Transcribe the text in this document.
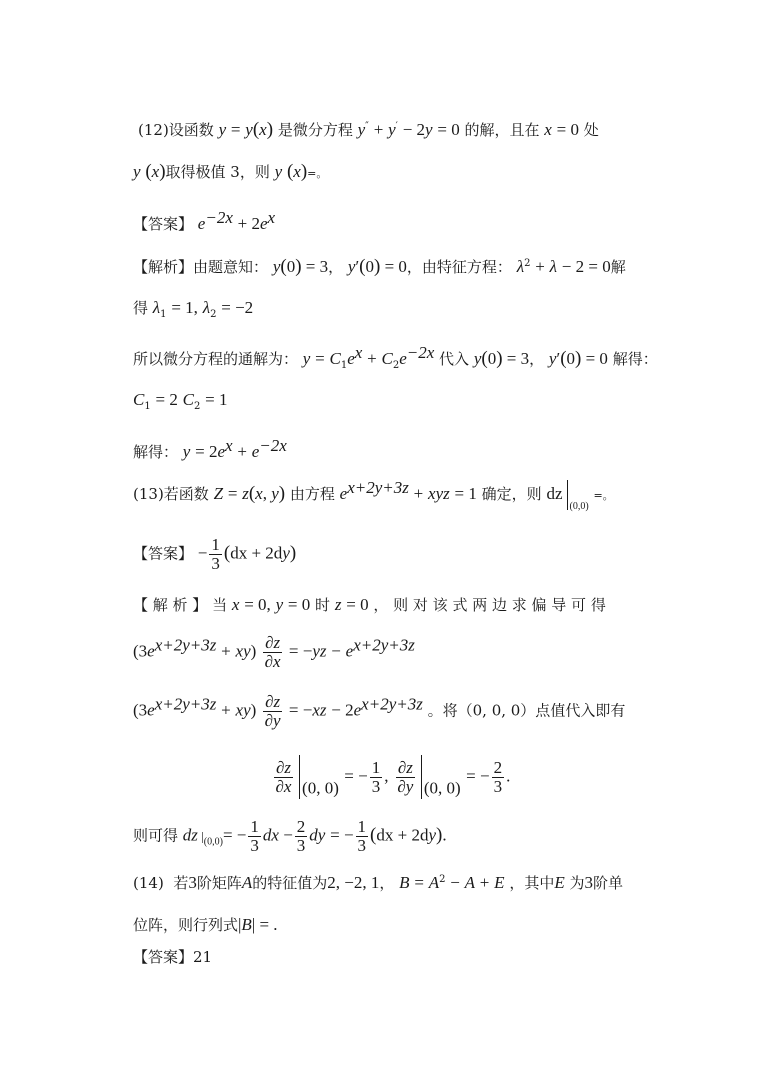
(12)设函数 y = y(x) 是微分方程 y″ + y′ − 2y = 0 的解，且在 x = 0 处
y (x)取得极值 3，则 y (x)=。
【答案】 $e^{-2x} + 2e^x$
【解析】由题意知： y(0) = 3， y′(0) = 0，由特征方程： $\lambda^2 + \lambda - 2 = 0$解
得 $\lambda_1 = 1$, $\lambda_2 = -2$
所以微分方程的通解为： $y = C_1e^x + C_2e^{-2x}$ 代入 y(0) = 3， y′(0) = 0 解得：
$C_1 = 2$ $C_2 = 1$
解得： $y = 2e^x + e^{-2x}$
(13)若函数 Z = z(x, y) 由方程 $e^{x+2y+3z}$ + xyz = 1 确定，则 $dz_{(0,0)}$ =。
【答案】 − $\frac{1}{3} (dx + 2dy)$
【 解 析 】 当 x = 0, y = 0 时 z = 0 ， 则 对 该 式 两 边 求 偏 导 可 得
$(3e^{x+2y+3z} + xy) \frac{\partial z}{\partial x} = -yz - e^{x+2y+3z}$
$(3e^{x+2y+3z} + xy) \frac{\partial z}{\partial y} = -xz - 2e^{x+2y+3z}$ 。将（0, 0, 0）点值代入即有
$\frac{\partial z}{\partial x} (0$, 0) = − $\frac{1}{3}$ , $\frac{\partial z}{\partial y} (0$, 0) = − $\frac{2}{3}$ .
则可得 dz $|_{(0,0)}= - \frac{1}{3}$ dx − $\frac{2}{3}$ dy = − $\frac{1}{3} (dx + 2dy)$.
(14) 若3阶矩阵A的特征值为2, −2, 1， $B = A^2 - A + E$ ，其中E 为3阶单
位阵，则行列式|B| = .
【答案】21
